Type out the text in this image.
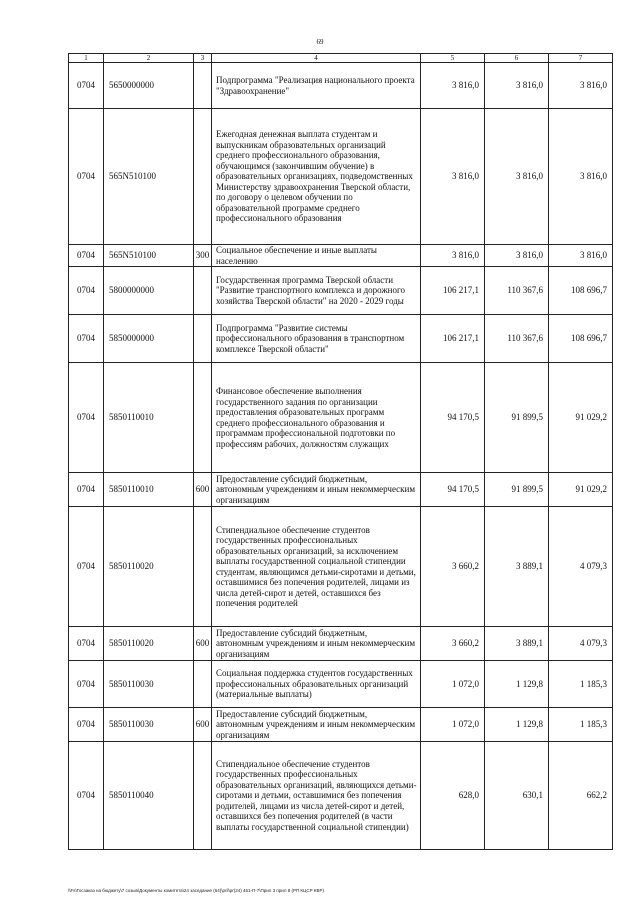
69
1	2	3	4	5	6	7
0704	5650000000		Подпрограмма "Реализация национального проекта "Здравоохранение"	3 816,0	3 816,0	3 816,0
0704	565N510100		Ежегодная денежная выплата студентам и выпускникам образовательных организаций среднего профессионального образования, обучающимся (закончившим обучение) в образовательных организациях, подведомственных Министерству здравоохранения Тверской области, по договору о целевом обучении по образовательной программе среднего профессионального образования	3 816,0	3 816,0	3 816,0
0704	565N510100	300	Социальное обеспечение и иные выплаты населению	3 816,0	3 816,0	3 816,0
0704	5800000000		Государственная программа Тверской области "Развитие транспортного комплекса и дорожного хозяйства Тверской области" на 2020 - 2029 годы	106 217,1	110 367,6	108 696,7
0704	5850000000		Подпрограмма "Развитие системы профессионального образования в транспортном комплексе Тверской области"	106 217,1	110 367,6	108 696,7
0704	5850110010		Финансовое обеспечение выполнения государственного задания по организации предоставления образовательных программ среднего профессионального образования и программам профессиональной подготовки по профессиям рабочих, должностям служащих	94 170,5	91 899,5	91 029,2
0704	5850110010	600	Предоставление субсидий бюджетным, автономным учреждениям и иным некоммерческим организациям	94 170,5	91 899,5	91 029,2
0704	5850110020		Стипендиальное обеспечение студентов государственных профессиональных образовательных организаций, за исключением выплаты государственной социальной стипендии студентам, являющимся детьми-сиротами и детьми, оставшимися без попечения родителей, лицами из числа детей-сирот и детей, оставшихся без попечения родителей	3 660,2	3 889,1	4 079,3
0704	5850110020	600	Предоставление субсидий бюджетным, автономным учреждениям и иным некоммерческим организациям	3 660,2	3 889,1	4 079,3
0704	5850110030		Социальная поддержка студентов государственных профессиональных образовательных организаций (материальные выплаты)	1 072,0	1 129,8	1 185,3
0704	5850110030	600	Предоставление субсидий бюджетным, автономным учреждениям и иным некоммерческим организациям	1 072,0	1 129,8	1 185,3
0704	5850110040		Стипендиальное обеспечение студентов государственных профессиональных образовательных организаций, являющихся детьми-сиротами и детьми, оставшимися без попечения родителей, лицами из числа детей-сирот и детей, оставшихся без попечения родителей (в части выплаты государственной социальной стипендии)	628,0	630,1	662,2
\\Fs\Госзаказ на бюджету\7 созыв\Документы комитета\24 заседание (64)\pril\pr(24) 461-П-7\Прил 3 прил 8 (РП КЦСР КВР)
